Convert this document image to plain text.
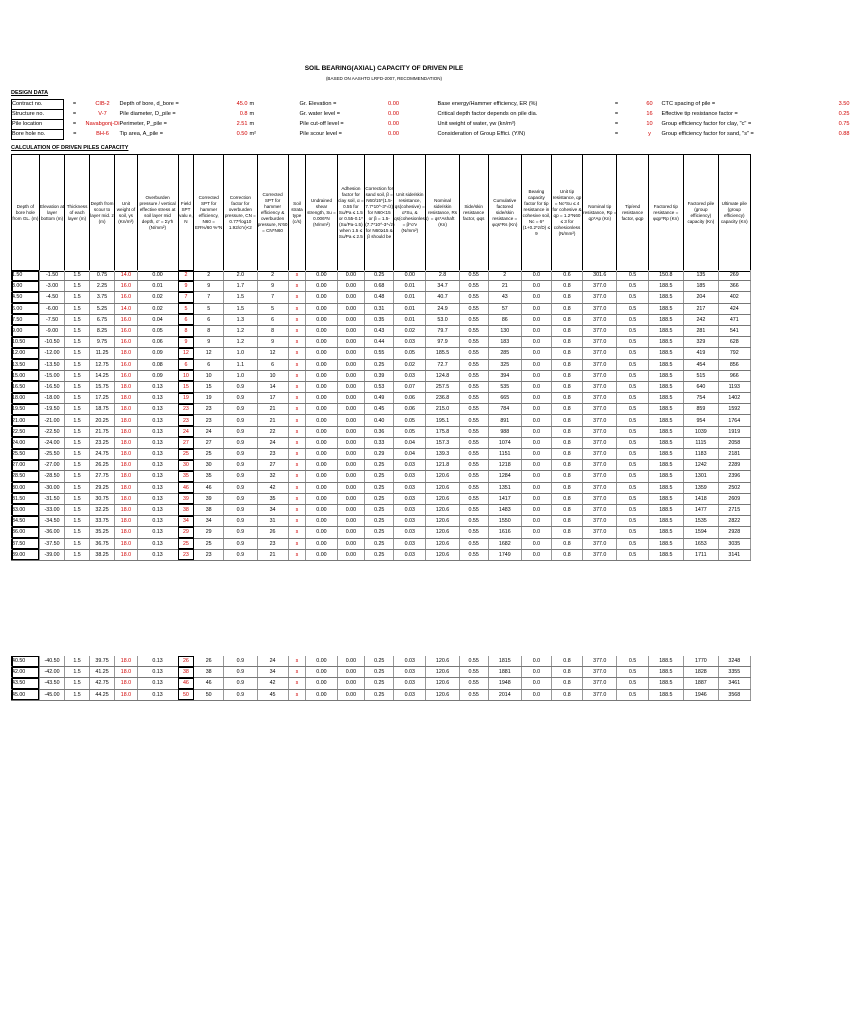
SOIL BEARING(AXIAL) CAPACITY OF DRIVEN PILE
(BASED ON AASHTO LRFD-2007, RECOMMENDATION)
DESIGN DATA
Contract no.	=	CIB-2	Depth of bore, d_bore =	45.0	m	Gr. Elevation =	0.00		Base energy/Hammer efficiency, ER (%)	=	60	CTC spacing of pile =	3.50
Structure no.	=	V-7	Pile diameter, D_pile =	0.8	m	Gr. water level =	0.00		Critical depth factor depends on pile dia.	=	16	Effective tip resistance factor =	0.25
Pile location	=	Navabgonj-Di	Perimeter, P_pile =	2.51	m	Pile cut-off level =	0.00		Unit weight of water, γw (kn/m³)	=	10	Group efficiency factor for clay, "c" =	0.75
Bore hole no.	=	BH-6	Tip area, A_pile =	0.50	m²	Pile scour level =	0.00		Consideration of Group Effici. (Y/N)	=	y	Group efficiency factor for sand, "s" =	0.88
CALCULATION OF DRIVEN PILES CAPACITY
Depth of bore hole from GL. (m)	Elevation at layer bottom (m)	Thickness of each layer (m)	Depth from scour to layer mid. z (m)	Unit weight of soil, γs (Kn/m³)	Overburden pressure / vertical effective stress at soil layer mid depth, σ' = Σγ'h (N/mm²)	Field SPT valu e, N	Corrected SPT for hammer efficiency, N60 = ER%/60 %*N	Correction factor for overburden pressure, CN = 0.77*log10 1.92/σ'v)<2	Corrected SPT for hammer efficiency & overburden pressure, N'60 = CN*N60	Soil strata type (c/s)	Undrained shear strength, Su = 0.006*N (N/mm²)	Adhesion factor for clay soil, α = 0.55 for Su/Pa ≤ 1.5 or 0.55-0.1*(Su/Pa-1.5) when 1.5 ≤ Su/Pa ≤ 2.5	Correction for sand soil, β = N60/15*(1.5-7.7*10^-3*√z) for N60<15 or β = 1.5-(7.7*10^-3*√z) for N60≥15 & β should be	Unit side/skin resistance, qs(cohesive) = α*Su, & qs(cohesionless) = β*σ'v (N/mm²)	Nominal side/skin resistance, Rs = qs*Ashaft (Kn)	Side/skin resistance factor, φqs	Cumulative factored side/skin resistance = φqs*Rs (Kn)	Bearing capacity factor for tip resistance in cohesive soil, Nc = 6*(1+0.2*z/D) ≤ 9	Unit tip resistance, qp = Nc*Su ≤ 4 for cohesive & qp = 1.2*N60 ≤ 3 for cohesionless (N/mm²)	Nominal tip resistance, Rp = qp*Ap (Kn)	Tip/end resistance factor, φqp	Factored tip resistance = φqp*Rp (Kn)	Factored pile (group efficiency) capacity (Kn)	Ultimate pile (group efficiency) capacity (Kn)
1.50	-1.50	1.5	0.75	14.0	0.00	2	2	2.0	2	s	0.00	0.00	0.25	0.00	2.8	0.55	2	0.0	0.6	301.6	0.5	150.8	135	269
3.00	-3.00	1.5	2.25	16.0	0.01	9	9	1.7	9	s	0.00	0.00	0.68	0.01	34.7	0.55	21	0.0	0.8	377.0	0.5	188.5	185	366
4.50	-4.50	1.5	3.75	16.0	0.02	7	7	1.5	7	s	0.00	0.00	0.48	0.01	40.7	0.55	43	0.0	0.8	377.0	0.5	188.5	204	402
6.00	-6.00	1.5	5.25	14.0	0.02	5	5	1.5	5	s	0.00	0.00	0.31	0.01	24.9	0.55	57	0.0	0.8	377.0	0.5	188.5	217	424
7.50	-7.50	1.5	6.75	16.0	0.04	6	6	1.3	6	s	0.00	0.00	0.35	0.01	53.0	0.55	86	0.0	0.8	377.0	0.5	188.5	242	471
9.00	-9.00	1.5	8.25	16.0	0.05	8	8	1.2	8	s	0.00	0.00	0.43	0.02	79.7	0.55	130	0.0	0.8	377.0	0.5	188.5	281	541
10.50	-10.50	1.5	9.75	16.0	0.06	9	9	1.2	9	s	0.00	0.00	0.44	0.03	97.9	0.55	183	0.0	0.8	377.0	0.5	188.5	329	628
12.00	-12.00	1.5	11.25	18.0	0.09	12	12	1.0	12	s	0.00	0.00	0.55	0.05	185.5	0.55	285	0.0	0.8	377.0	0.5	188.5	419	792
13.50	-13.50	1.5	12.75	16.0	0.08	6	6	1.1	6	s	0.00	0.00	0.25	0.02	72.7	0.55	325	0.0	0.8	377.0	0.5	188.5	454	856
15.00	-15.00	1.5	14.25	16.0	0.09	10	10	1.0	10	s	0.00	0.00	0.39	0.03	124.8	0.55	394	0.0	0.8	377.0	0.5	188.5	515	966
16.50	-16.50	1.5	15.75	18.0	0.13	15	15	0.9	14	s	0.00	0.00	0.53	0.07	257.5	0.55	535	0.0	0.8	377.0	0.5	188.5	640	1193
18.00	-18.00	1.5	17.25	18.0	0.13	19	19	0.9	17	s	0.00	0.00	0.49	0.06	236.8	0.55	665	0.0	0.8	377.0	0.5	188.5	754	1402
19.50	-19.50	1.5	18.75	18.0	0.13	23	23	0.9	21	s	0.00	0.00	0.45	0.06	215.0	0.55	784	0.0	0.8	377.0	0.5	188.5	859	1592
21.00	-21.00	1.5	20.25	18.0	0.13	23	23	0.9	21	s	0.00	0.00	0.40	0.05	195.1	0.55	891	0.0	0.8	377.0	0.5	188.5	954	1764
22.50	-22.50	1.5	21.75	18.0	0.13	24	24	0.9	22	s	0.00	0.00	0.36	0.05	175.8	0.55	988	0.0	0.8	377.0	0.5	188.5	1039	1919
24.00	-24.00	1.5	23.25	18.0	0.13	27	27	0.9	24	s	0.00	0.00	0.33	0.04	157.3	0.55	1074	0.0	0.8	377.0	0.5	188.5	1115	2058
25.50	-25.50	1.5	24.75	18.0	0.13	25	25	0.9	23	s	0.00	0.00	0.29	0.04	139.3	0.55	1151	0.0	0.8	377.0	0.5	188.5	1183	2181
27.00	-27.00	1.5	26.25	18.0	0.13	30	30	0.9	27	s	0.00	0.00	0.25	0.03	121.8	0.55	1218	0.0	0.8	377.0	0.5	188.5	1242	2289
28.50	-28.50	1.5	27.75	18.0	0.13	35	35	0.9	32	s	0.00	0.00	0.25	0.03	120.6	0.55	1284	0.0	0.8	377.0	0.5	188.5	1301	2396
30.00	-30.00	1.5	29.25	18.0	0.13	46	46	0.9	42	s	0.00	0.00	0.25	0.03	120.6	0.55	1351	0.0	0.8	377.0	0.5	188.5	1359	2502
31.50	-31.50	1.5	30.75	18.0	0.13	39	39	0.9	35	s	0.00	0.00	0.25	0.03	120.6	0.55	1417	0.0	0.8	377.0	0.5	188.5	1418	2609
33.00	-33.00	1.5	32.25	18.0	0.13	38	38	0.9	34	s	0.00	0.00	0.25	0.03	120.6	0.55	1483	0.0	0.8	377.0	0.5	188.5	1477	2715
34.50	-34.50	1.5	33.75	18.0	0.13	34	34	0.9	31	s	0.00	0.00	0.25	0.03	120.6	0.55	1550	0.0	0.8	377.0	0.5	188.5	1535	2822
36.00	-36.00	1.5	35.25	18.0	0.13	29	29	0.9	26	s	0.00	0.00	0.25	0.03	120.6	0.55	1616	0.0	0.8	377.0	0.5	188.5	1594	2928
37.50	-37.50	1.5	36.75	18.0	0.13	25	25	0.9	23	s	0.00	0.00	0.25	0.03	120.6	0.55	1682	0.0	0.8	377.0	0.5	188.5	1653	3035
39.00	-39.00	1.5	38.25	18.0	0.13	23	23	0.9	21	s	0.00	0.00	0.25	0.03	120.6	0.55	1749	0.0	0.8	377.0	0.5	188.5	1711	3141
40.50	-40.50	1.5	39.75	18.0	0.13	26	26	0.9	24	s	0.00	0.00	0.25	0.03	120.6	0.55	1815	0.0	0.8	377.0	0.5	188.5	1770	3248
42.00	-42.00	1.5	41.25	18.0	0.13	38	38	0.9	34	s	0.00	0.00	0.25	0.03	120.6	0.55	1881	0.0	0.8	377.0	0.5	188.5	1828	3355
43.50	-43.50	1.5	42.75	18.0	0.13	46	46	0.9	42	s	0.00	0.00	0.25	0.03	120.6	0.55	1948	0.0	0.8	377.0	0.5	188.5	1887	3461
45.00	-45.00	1.5	44.25	18.0	0.13	50	50	0.9	45	s	0.00	0.00	0.25	0.03	120.6	0.55	2014	0.0	0.8	377.0	0.5	188.5	1946	3568
